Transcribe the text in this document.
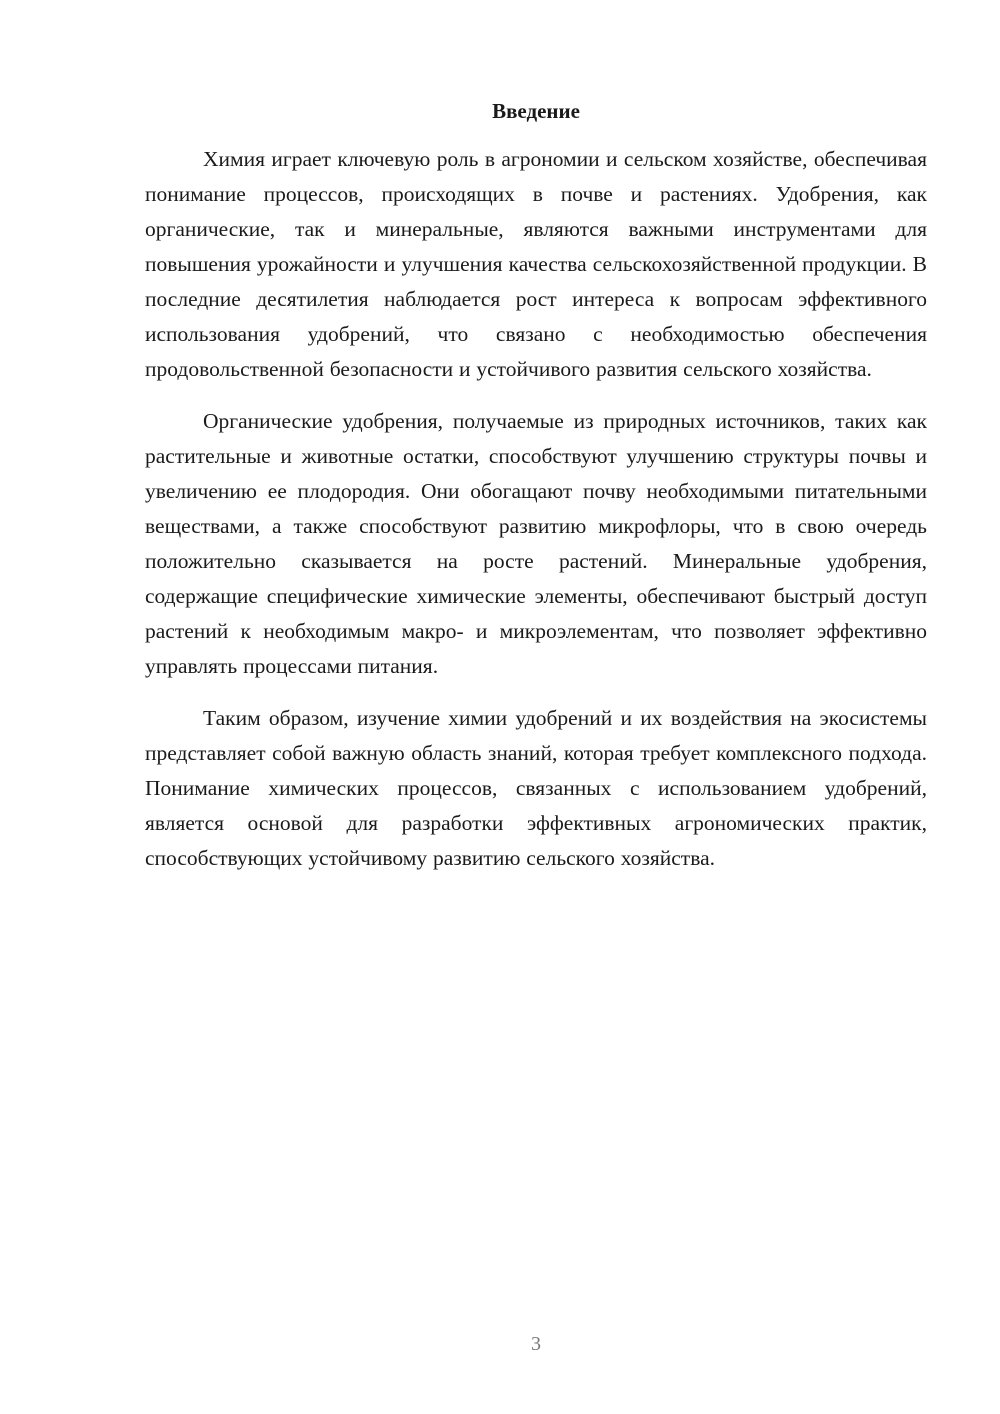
Введение

Химия играет ключевую роль в агрономии и сельском хозяйстве, обеспечивая понимание процессов, происходящих в почве и растениях. Удобрения, как органические, так и минеральные, являются важными инструментами для повышения урожайности и улучшения качества сельскохозяйственной продукции. В последние десятилетия наблюдается рост интереса к вопросам эффективного использования удобрений, что связано с необходимостью обеспечения продовольственной безопасности и устойчивого развития сельского хозяйства.

Органические удобрения, получаемые из природных источников, таких как растительные и животные остатки, способствуют улучшению структуры почвы и увеличению ее плодородия. Они обогащают почву необходимыми питательными веществами, а также способствуют развитию микрофлоры, что в свою очередь положительно сказывается на росте растений. Минеральные удобрения, содержащие специфические химические элементы, обеспечивают быстрый доступ растений к необходимым макро- и микроэлементам, что позволяет эффективно управлять процессами питания.

Таким образом, изучение химии удобрений и их воздействия на экосистемы представляет собой важную область знаний, которая требует комплексного подхода. Понимание химических процессов, связанных с использованием удобрений, является основой для разработки эффективных агрономических практик, способствующих устойчивому развитию сельского хозяйства.

3
